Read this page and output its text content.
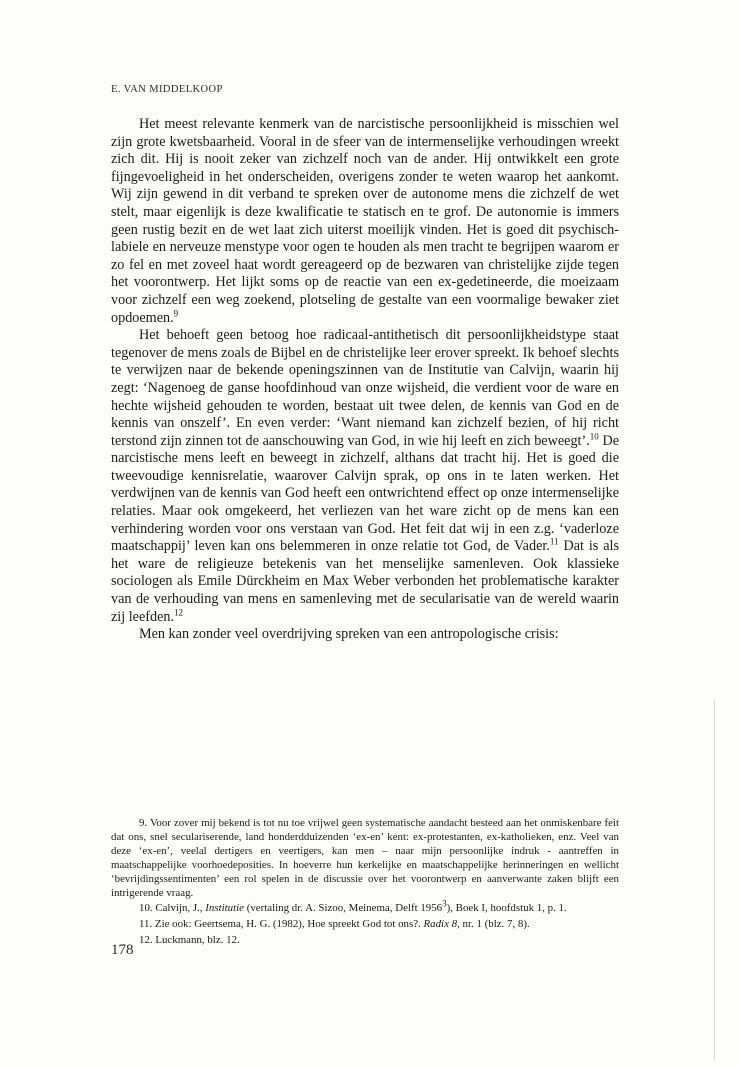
E. VAN MIDDELKOOP

Het meest relevante kenmerk van de narcistische persoonlijkheid is misschien wel zijn grote kwetsbaarheid. Vooral in de sfeer van de intermenselijke verhoudingen wreekt zich dit. Hij is nooit zeker van zichzelf noch van de ander. Hij ontwikkelt een grote fijngevoeligheid in het onderscheiden, overigens zonder te weten waarop het aankomt. Wij zijn gewend in dit verband te spreken over de autonome mens die zichzelf de wet stelt, maar eigenlijk is deze kwalificatie te statisch en te grof. De autonomie is immers geen rustig bezit en de wet laat zich uiterst moeilijk vinden. Het is goed dit psychisch-labiele en nerveuze menstype voor ogen te houden als men tracht te begrijpen waarom er zo fel en met zoveel haat wordt gereageerd op de bezwaren van christelijke zijde tegen het voorontwerp. Het lijkt soms op de reactie van een ex-gedetineerde, die moeizaam voor zichzelf een weg zoekend, plotseling de gestalte van een voormalige bewaker ziet opdoemen.$^9$

Het behoeft geen betoog hoe radicaal-antithetisch dit persoonlijkheidstype staat tegenover de mens zoals de Bijbel en de christelijke leer erover spreekt. Ik behoef slechts te verwijzen naar de bekende openingszinnen van de Institutie van Calvijn, waarin hij zegt: ‘Nagenoeg de ganse hoofdinhoud van onze wijsheid, die verdient voor de ware en hechte wijsheid gehouden te worden, bestaat uit twee delen, de kennis van God en de kennis van onszelf’. En even verder: ‘Want niemand kan zichzelf bezien, of hij richt terstond zijn zinnen tot de aanschouwing van God, in wie hij leeft en zich beweegt’.$^{10}$ De narcistische mens leeft en beweegt in zichzelf, althans dat tracht hij. Het is goed die tweevoudige kennisrelatie, waarover Calvijn sprak, op ons in te laten werken. Het verdwijnen van de kennis van God heeft een ontwrichtend effect op onze intermenselijke relaties. Maar ook omgekeerd, het verliezen van het ware zicht op de mens kan een verhindering worden voor ons verstaan van God. Het feit dat wij in een z.g. ‘vaderloze maatschappij’ leven kan ons belemmeren in onze relatie tot God, de Vader.$^{11}$ Dat is als het ware de religieuze betekenis van het menselijke samenleven. Ook klassieke sociologen als Emile Dürckheim en Max Weber verbonden het problematische karakter van de verhouding van mens en samenleving met de secularisatie van de wereld waarin zij leefden.$^{12}$

Men kan zonder veel overdrijving spreken van een antropologische crisis:

9. Voor zover mij bekend is tot nu toe vrijwel geen systematische aandacht besteed aan het onmiskenbare feit dat ons, snel seculariserende, land honderdduizenden ‘ex-en’ kent: ex-protestanten, ex-katholieken, enz. Veel van deze ‘ex-en’, veelal dertigers en veertigers, kan men – naar mijn persoonlijke indruk - aantreffen in maatschappelijke voorhoedeposities. In hoeverre hun kerkelijke en maatschappelijke herinneringen en wellicht ‘bevrijdingssentimenten’ een rol spelen in de discussie over het voorontwerp en aanverwante zaken blijft een intrigerende vraag.

10. Calvijn, J., Institutie (vertaling dr. A. Sizoo, Meinema, Delft 1956$^3$), Boek I, hoofdstuk 1, p. 1.

11. Zie ook: Geertsema, H. G. (1982), Hoe spreekt God tot ons?. Radix 8, nr. 1 (blz. 7, 8).

12. Luckmann, blz. 12.

178
